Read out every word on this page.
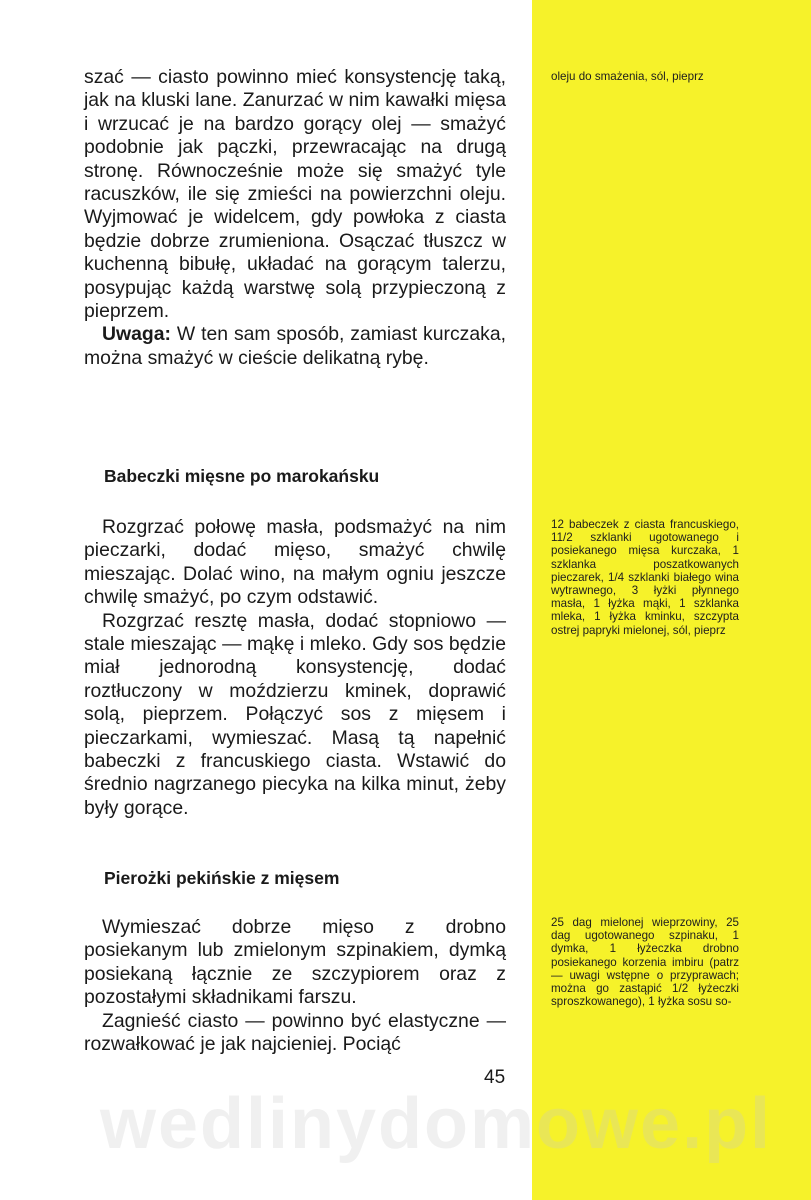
szać — ciasto powinno mieć konsystencję taką, jak na kluski lane. Zanurzać w nim kawałki mięsa i wrzucać je na bardzo gorący olej — smażyć podobnie jak pączki, przewracając na drugą stronę. Równocześnie może się smażyć tyle racuszków, ile się zmieści na powierzchni oleju. Wyjmować je widelcem, gdy powłoka z ciasta będzie dobrze zrumieniona. Osączać tłuszcz w kuchenną bibułę, układać na gorącym talerzu, posypując każdą warstwę solą przypieczoną z pieprzem.

Uwaga: W ten sam sposób, zamiast kurczaka, można smażyć w cieście delikatną rybę.

oleju do smażenia, sól, pieprz
Babeczki mięsne po marokańsku

Rozgrzać połowę masła, podsmażyć na nim pieczarki, dodać mięso, smażyć chwilę mieszając. Dolać wino, na małym ogniu jeszcze chwilę smażyć, po czym odstawić.

Rozgrzać resztę masła, dodać stopniowo — stale mieszając — mąkę i mleko. Gdy sos będzie miał jednorodną konsystencję, dodać roztłuczony w moździerzu kminek, doprawić solą, pieprzem. Połączyć sos z mięsem i pieczarkami, wymieszać. Masą tą napełnić babeczki z francuskiego ciasta. Wstawić do średnio nagrzanego piecyka na kilka minut, żeby były gorące.

12 babeczek z ciasta francuskiego, 11/2 szklanki ugotowanego i posiekanego mięsa kurczaka, 1 szklanka poszatkowanych pieczarek, 1/4 szklanki białego wina wytrawnego, 3 łyżki płynnego masła, 1 łyżka mąki, 1 szklanka mleka, 1 łyżka kminku, szczypta ostrej papryki mielonej, sól, pieprz
Pierożki pekińskie z mięsem

Wymieszać dobrze mięso z drobno posiekanym lub zmielonym szpinakiem, dymką posiekaną łącznie ze szczypiorem oraz z pozostałymi składnikami farszu.

Zagnieść ciasto — powinno być elastyczne — rozwałkować je jak najcieniej. Pociąć

25 dag mielonej wieprzowiny, 25 dag ugotowanego szpinaku, 1 dymka, 1 łyżeczka drobno posiekanego korzenia imbiru (patrz — uwagi wstępne o przyprawach; można go zastąpić 1/2 łyżeczki sproszkowanego), 1 łyżka sosu so-
45
wedlinydomowe.pl
